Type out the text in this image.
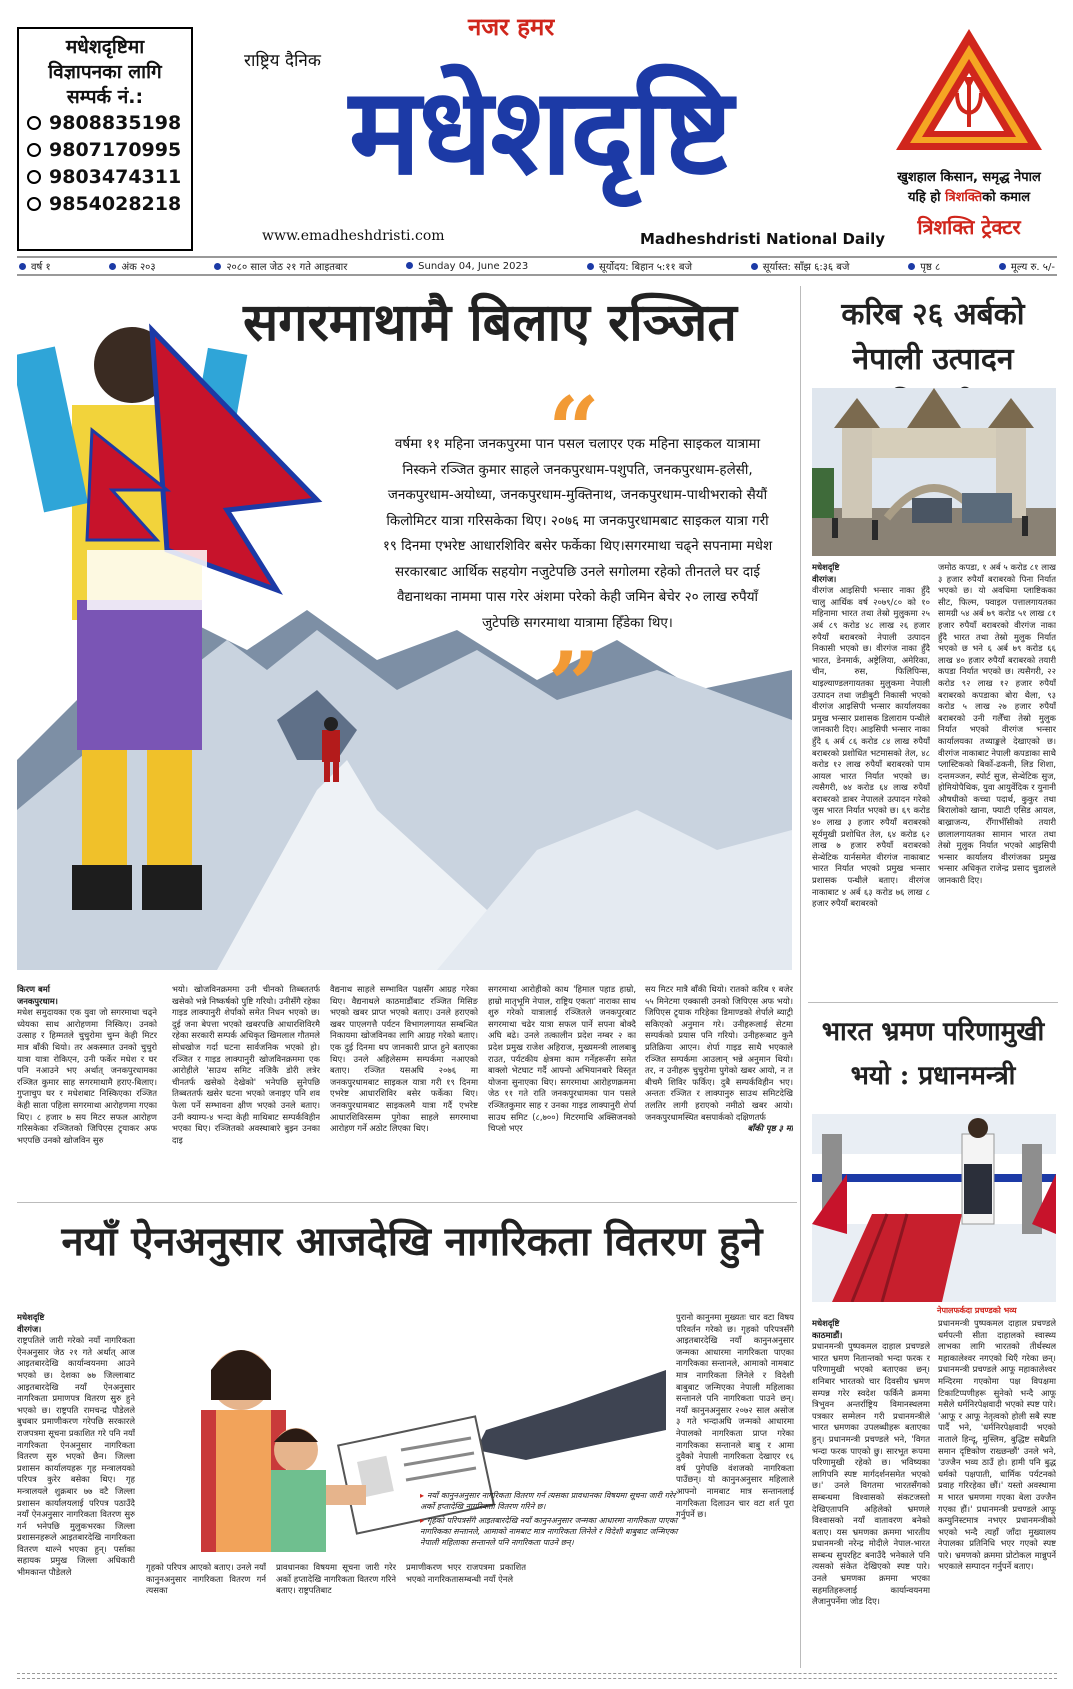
मधेशदृष्टिमा
विज्ञापनका लागि
सम्पर्क नं.:
9808835198
9807170995
9803474311
9854028218
नजर हमर
राष्ट्रिय दैनिक
मधेशदृष्टि
www.emadheshdristi.com	Madheshdristi National Daily
खुशहाल किसान, समृद्ध नेपाल
यहि हो त्रिशक्तिको कमाल
त्रिशक्ति ट्रेक्टर
वर्ष १	अंक २०३	२०८० साल जेठ २१ गते आइतबार	Sunday 04, June 2023	सूर्योदय: बिहान ५:११ बजे	सूर्यास्त: साँझ ६:३६ बजे	पृष्ठ ८	मूल्य रु. ५/-
सगरमाथामै बिलाए रञ्जित
“
वर्षमा ११ महिना जनकपुरमा पान पसल चलाएर एक महिना साइकल यात्रामा निस्कने रञ्जित कुमार साहले जनकपुरधाम-पशुपति, जनकपुरधाम-हलेसी, जनकपुरधाम-अयोध्या, जनकपुरधाम-मुक्तिनाथ, जनकपुरधाम-पाथीभराको सैयौं किलोमिटर यात्रा गरिसकेका थिए। २०७६ मा जनकपुरधामबाट साइकल यात्रा गरी १९ दिनमा एभरेष्ट आधारशिविर बसेर फर्केका थिए।सगरमाथा चढ्ने सपनामा मधेश सरकारबाट आर्थिक सहयोग नजुटेपछि उनले सगोलमा रहेको तीनतले घर दाई वैद्यनाथका नाममा पास गरेर अंशमा परेको केही जमिन बेचेर २० लाख रुपैयाँ जुटेपछि सगरमाथा यात्रामा हिँडेका थिए।
”
किरण बर्मा
जनकपुरधाम।
मधेश समुदायका एक युवा जो सगरमाथा चढ्ने ध्येयका साथ आरोहणमा निस्किए। उनको उत्साह र हिम्मतले चुचुरोमा चुम्न केही मिटर मात्र बाँकी थियो। तर अकस्मात उनको चुचुरो यात्रा यात्रा रोकिएन, उनी फर्केर मधेश र घर पनि नआउने भए अर्थात् जनकपुरधामका रञ्जित कुमार साह सगरमाथामै हराए-बिलाए। गुप्ताचुप घर र मधेशबाट निस्किएका रञ्जित केही साता पहिला सगरमाथा आरोहणमा गएका थिए। ८ हजार ७ सय मिटर सफल आरोहण गरिसकेका रञ्जितको जिपिएस ट्र्याकर अफ भएपछि उनको खोजविन सुरु
भयो। खोजविनक्रममा उनी चीनको तिब्बततर्फ खसेको भन्ने निष्कर्षको पुष्टि गरियो। उनीसँगै रहेका गाइड लाक्पानुरी शेर्पाको समेत निधन भएको छ। दुई जना बेपत्ता भएको खबरपछि आधारशिविरमै रहेका सरकारी सम्पर्क अधिकृत खिमलाल गौतमले सोधखोज गर्दा घटना सार्वजनिक भएको हो। रञ्जित र गाइड लाक्पानुरी खोजविनक्रममा एक आरोहीले 'साउथ समिट नजिकै डोरी लत्रेर चीनतर्फ खसेको देखेको' भनेपछि सुनेपछि तिब्बततर्फ खसेर घटना भएको जनाइए पनि शव फेला पर्ने सम्भावना क्षीण भएको उनले बताए। उनी क्याम्प-४ भन्दा केही माथिबाट सम्पर्कविहीन भएका थिए। रञ्जितको अवस्थाबारे बुझ्न उनका दाइ
वैद्यनाथ साहले सम्भावित पक्षसँग आग्रह गरेका थिए। वैद्यनाथले काठमाडौंबाट रञ्जित मिसिङ भएको खबर प्राप्त भएको बताए। उनले हराएको खबर पाएलगत्तै पर्यटन विभागलगायत सम्बन्धित निकायमा खोजविनका लागि आग्रह गरेको बताए। एक दुई दिनमा थप जानकारी प्राप्त हुने बताएका थिए। उनले अहिलेसम्म सम्पर्कमा नआएको बताए। रञ्जित यसअघि २०७६ मा जनकपुरधामबाट साइकल यात्रा गरी १९ दिनमा एभरेष्ट आधारशिविर बसेर फर्केका थिए। जनकपुरधामबाट साइकलमै यात्रा गर्दै एभरेष्ट आधारशिविरसम्म पुगेका साहले सगरमाथा आरोहण गर्ने अठोट लिएका थिए।
सगरमाथा आरोहीको काथ 'हिमाल पहाड हाम्रो, हाम्रो मातृभूमि नेपाल, राष्ट्रिय एकता' नाराका साथ शुरु गरेको यात्रालाई रञ्जितले जनकपुरबाट सगरमाथा चढेर यात्रा सफल पार्ने सपना बोक्दै अघि बढे। उनले तत्कालीन प्रदेश नम्बर २ का प्रदेश प्रमुख राजेश अहिराज, मुख्यमन्त्री लालबाबु राउत, पर्यटकीय क्षेत्रमा काम गर्नेहरूसँग समेत बाक्लो भेटघाट गर्दै आफ्नो अभियानबारे विस्तृत योजना सुनाएका थिए। सगरमाथा आरोहणक्रममा जेठ ११ गते राति जनकपुरधामका पान पसले रञ्जितकुमार साह र उनका गाइड लाक्पानुरी शेर्पा साउथ समिट (८,७००) मिटरमाथि अक्सिजनको चिप्लो भएर
सय मिटर मात्रै बाँकी थियो। रातको करिब १ बजेर ५५ मिनेटमा एक्कासी उनको जिपिएस अफ भयो। जिपिएस ट्र्याक गरिहेका डिमाण्डको शेर्पाले ब्याट्री सकिएको अनुमान गरे। उनीहरूलाई सेटमा सम्पर्कको प्रयास पनि गरियो। उनीहरूबाट कुनै प्रतिक्रिया आएन। शेर्पा गाइड साथै भएकाले रञ्जित सम्पर्कमा आउलान् भन्ने अनुमान थियो। तर, न उनीहरू चुचुरोमा पुगेको खबर आयो, न त बीचमै शिविर फर्किए। दुबै सम्पर्कविहीन भए। अन्ततः रञ्जित र लाक्पानुरु साउथ समिटदेखि तलतिर लागी हराएको नमीठो खबर आयो। जनकपुरधामस्थित बसपार्कको दक्षिणतर्फ
बाँकी पृष्ठ ३ मा
करिब २६ अर्बको नेपाली उत्पादन
मधेशदृष्टि
वीरगंज।
वीरगंज आइसिपी भन्सार नाका हुँदै चालु आर्थिक वर्ष २०७९/८० को १० महिनामा भारत तथा तेस्रो मुलुकमा २५ अर्ब ८९ करोड ४८ लाख २६ हजार रुपैयाँ बराबरको नेपाली उत्पादन निकासी भएको छ। वीरगंज नाका हुँदै भारत, डेनमार्क, अष्ट्रेलिया, अमेरिका, चीन, रुस, फिलिपिन्स, थाइल्याण्डलगायतका मुलुकमा नेपाली उत्पादन तथा जडीबुटी निकासी भएको वीरगंज आइसिपी भन्सार कार्यालयका प्रमुख भन्सार प्रशासक डिलाराम पन्थीले जानकारी दिए। आइसिपी भन्सार नाका हुँदै ६ अर्ब ८६ करोड ८४ लाख रुपैयाँ बराबरको प्रशोधित भटमासको तेल, ४८ करोड १२ लाख रुपैयाँ बराबरको पाम आयल भारत निर्यात भएको छ। त्यसैगरी, ७४ करोड ६४ लाख रुपैयाँ बराबरको डाबर नेपालले उत्पादन गरेको जुस भारत निर्यात भएको छ। ६९ करोड ४० लाख ३ हजार रुपैयाँ बराबरको सूर्यमुखी प्रशोधित तेल, ६४ करोड ६२ लाख ७ हजार रुपैयाँ बराबरको सेन्थेटिक यार्नसमेत वीरगंज नाकाबाट भारत निर्यात भएको प्रमुख भन्सार प्रशासक पन्थीले बताए। वीरगंज नाकाबाट ४ अर्ब ६३ करोड ७६ लाख ८ हजार रुपैयाँ बराबरको
जमोठ कपडा, १ अर्ब ५ करोड ८१ लाख ३ हजार रुपैयाँ बराबरको पिना निर्यात भएको छ। यो अवधिमा प्लाष्टिकका सीट, फिल्म, फ्वाइल पत्तालगायतका सामग्री ५४ अर्ब ७९ करोड ५१ लाख ८१ हजार रुपैयाँ बराबरको वीरगंज नाका हुँदै भारत तथा तेस्रो मुलुक निर्यात भएको छ भने ६ अर्ब ७९ करोड ६६ लाख ४० हजार रुपैयाँ बराबरको तयारी कपडा निर्यात भएको छ। त्यसैगरी, २२ करोड ९२ लाख १२ हजार रुपैयाँ बराबरको कपडाका बोरा थैला, ९३ करोड ५ लाख २७ हजार रुपैयाँ बराबरको उनी गलैँचा तेस्रो मुलुक निर्यात भएको वीरगंज भन्सार कार्यालयका तथ्याङ्कले देखाएको छ। वीरगंज नाकाबाट नेपाली कपडाका साथै प्लास्टिकको बिर्को-ढकनी, लिड शिशा, दन्तमञ्जन, स्पोर्ट सुज, सेन्थेटिक सुज, होमियोपैथिक, युवा आयुर्वेदिक र युनानी औषधीको कच्चा पदार्थ, कुकुर तथा बिरालोको खाना, फ्याटी एसिड आयल, बाख्राजन्य, रौँगाभीँसीको तयारी छालालगायतका सामान भारत तथा तेस्रो मुलुक निर्यात भएको आइसिपी भन्सार कार्यालय वीरगंजका प्रमुख भन्सार अधिकृत राजेन्द्र प्रसाद चुडालले जानकारी दिए।
भारत भ्रमण परिणामुखी भयो : प्रधानमन्त्री
नेपालफर्कदा प्रचण्डको भव्य
मधेशदृष्टि
काठमाडौं।
प्रधानमन्त्री पुष्पकमल दाहाल प्रचण्डले भारत भ्रमण नितान्तको भन्दा फरक र परिणामुखी भएको बताएका छन्। शनिबार भारतको चार दिवसीय भ्रमण सम्पन्न गरेर स्वदेश फर्किनै क्रममा त्रिभुवन अन्तर्राष्ट्रिय विमानस्थलमा पत्रकार सम्मेलन गरी प्रधानमन्त्रीले भारत भ्रमणका उपलब्धीहरू बताएका हुन्। प्रधानमन्त्री प्रचण्डले भने, 'विगत भन्दा फरक पाएको छु। सारभूत रूपमा परिणामुखी रहेको छ। भविष्यका लागिपनि स्पष्ट मार्गदर्शनसमेत भएको छ।' उनले विगतमा भारतसँगको सम्बन्धमा विश्वासको संकटजस्तो देखिएतापनि अहिलेको भ्रमणले विश्वासको नयाँ वातावरण बनेको बताए। यस भ्रमणका क्रममा भारतीय प्रधानमन्त्री नरेन्द्र मोदीले नेपाल-भारत सम्बन्ध सुपरहिट बनाउँदै भनेकाले पनि त्यसको संकेत देखिएको स्पष्ट पारे। उनले भ्रमणका क्रममा भएका सहमतिहरूलाई कार्यान्वयनमा लैजानुपर्नेमा जोड दिए।
प्रधानमन्त्री पुष्पकमल दाहाल प्रचण्डले धर्मपत्नी सीता दाहालको स्वास्थ्य लाभका लागि भारतको तीर्थस्थल महाकालेश्वर नगएको थिएँ गरेका छन्। प्रधानमन्त्री प्रचण्डले आफू महाकालेश्वर मन्दिरमा गएकोमा पक्ष विपक्षमा टिकाटिप्पणीहरू सुनेको भन्दै आफू मसैले धर्मनिरपेक्षवादी भएको स्पष्ट पारे। 'आफू र आफू नेतृत्वको होली सबै स्पष्ट पार्दै भने, 'धर्मनिरपेक्षवादी भएको नाताले हिन्दू, मुस्लिम, बुद्धिष्ट सबैप्रति समान दृष्टिकोण राख्छन्छौं' उनले भने, 'उज्जैन भव्य ठाउँ हो। हामी पनि बुद्ध धर्मको पक्षपाती, धार्मिक पर्यटनको प्रवाह गरिरहेका छौं।' यस्तो अवस्थामा म भारत भ्रमणमा गएका बेला उज्जैन गएका हौं।' प्रधानमन्त्री प्रचण्डले आफू कम्युनिस्टमात्र नभएर प्रधानमन्त्रीको भएको भन्दै त्यहाँ जाँदा मुख्यालय नेपालका प्रतिनिधि भएर गएको स्पष्ट पारे। भ्रमणको क्रममा प्रोटोकल मान्नुपर्ने भएकाले सम्पादन गर्नुपर्ने बताए।
नयाँ ऐनअनुसार आजदेखि नागरिकता वितरण हुने
मधेशदृष्टि
वीरगंज।
राष्ट्रपतिले जारी गरेको नयाँ नागरिकता ऐनअनुसार जेठ २१ गते अर्थात् आज आइतबारदेखि कार्यान्वयनमा आउने भएको छ। देशका ७७ जिल्लाबाट आइतबारदेखि नयाँ ऐनअनुसार नागरिकता प्रमाणपत्र वितरण सुरु हुने भएको छ। राष्ट्रपति रामचन्द्र पौडेलले बुधबार प्रमाणीकरण गरेपछि सरकारले राजपत्रमा सूचना प्रकाशित गरे पनि नयाँ नागरिकता ऐनअनुसार नागरिकता वितरण सुरु भएको छैन। जिल्ला प्रशासन कार्यालयहरू गृह मन्त्रालयको परिपत्र कुरेर बसेका थिए। गृह मन्त्रालयले शुक्रबार ७७ वटै जिल्ला प्रशासन कार्यालयलाई परिपत्र पठाउँदै नयाँ ऐनअनुसार नागरिकता वितरण सुरु गर्न भनेपछि मुलुकभरका जिल्ला प्रशासनहरूले आइतबारदेखि नागरिकता वितरण थाल्ने भएका हुन्। पर्साका सहायक प्रमुख जिल्ला अधिकारी भीमकान्त पौडेलले

▸ नयाँ कानुनअनुसार नागरिकता वितरण गर्न त्यसका प्रावधानका विषयमा सूचना जारी गरेर अर्को हप्तादेखि नागरिकता वितरण गरिने छ।

▸ गृहको परिपत्रसँगै आइतबारदेखि नयाँ कानुनअनुसार जन्मका आधारमा नागरिकता पाएका नागरिकका सन्तानले, आमाको नामबाट मात्र नागरिकता लिनेले र विदेशी बाबुबाट जन्मिएका नेपाली महिलाका सन्तानले पनि नागरिकता पाउने छन्।

गृहको परिपत्र आएको बताए। उनले नयाँ कानुनअनुसार नागरिकता वितरण गर्न त्यसका
प्रावधानका विषयमा सूचना जारी गरेर अर्को हप्तादेखि नागरिकता वितरण गरिने बताए। राष्ट्रपतिबाट
प्रमाणीकरण भएर राजपत्रमा प्रकाशित भएको नागरिकतासम्बन्धी नयाँ ऐनले
पुरानो कानुनमा मुख्यतः चार वटा विषय परिवर्तन गरेको छ। गृहको परिपत्रसँगै आइतबारदेखि नयाँ कानुनअनुसार जन्मका आधारमा नागरिकता पाएका नागरिकका सन्तानले, आमाको नामबाट मात्र नागरिकता लिनेले र विदेशी बाबुबाट जन्मिएका नेपाली महिलाका सन्तानले पनि नागरिकता पाउने छन्। नयाँ कानुनअनुसार २०७२ साल असोज ३ गते भन्दाअघि जन्मको आधारमा नेपालको नागरिकता प्राप्त गरेका नागरिकका सन्तानले बाबु र आमा दुवैको नेपाली नागरिकता देखाएर १६ वर्ष पुगेपछि वंशजको नागरिकता पाउँछन्। यो कानुनअनुसार महिलाले आफ्नो नामबाट मात्र सन्तानलाई नागरिकता दिलाउन चार वटा शर्त पूरा गर्नुपर्ने छ।
